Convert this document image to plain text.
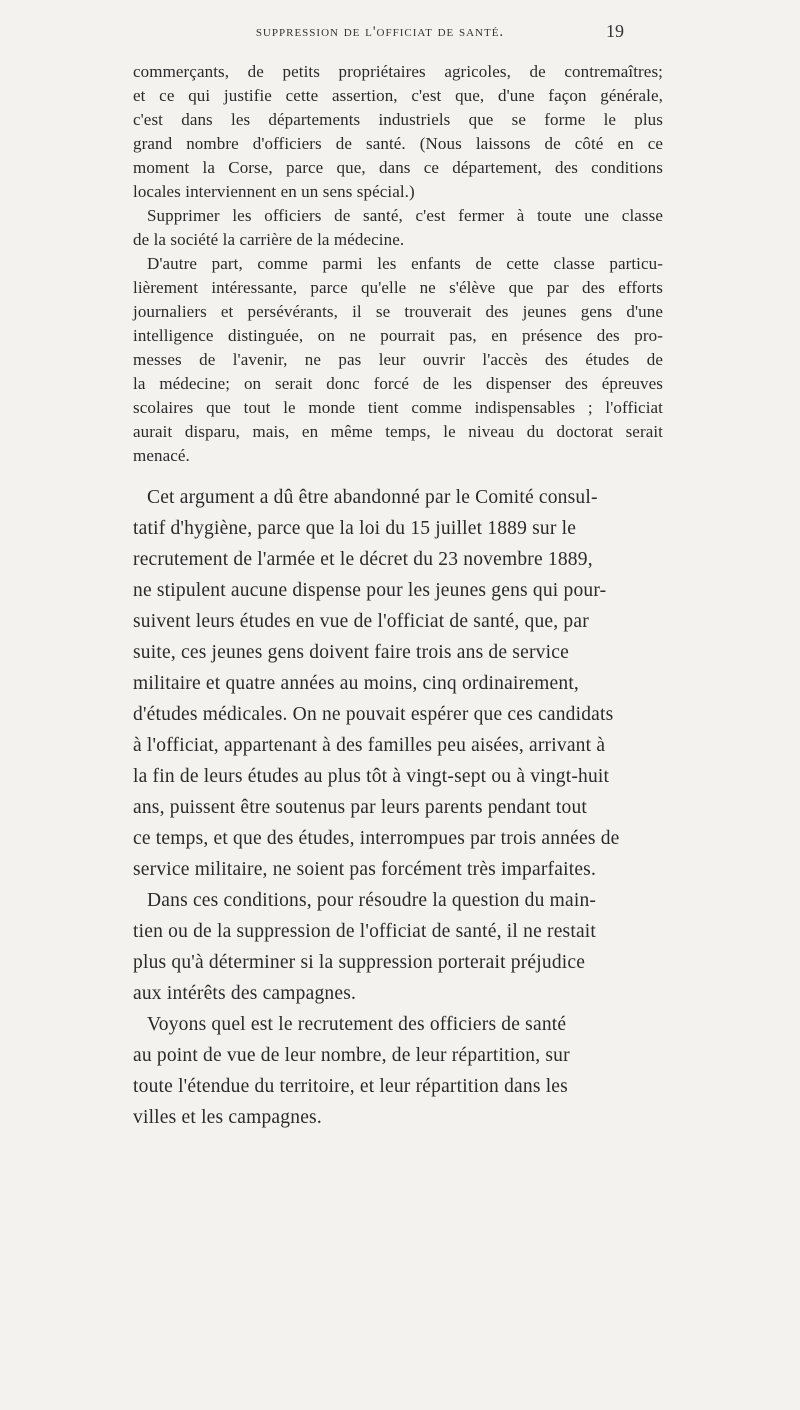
suppression de l'officiat de santé.	19
commerçants, de petits propriétaires agricoles, de contremaîtres;
et ce qui justifie cette assertion, c'est que, d'une façon générale,
c'est dans les départements industriels que se forme le plus
grand nombre d'officiers de santé. (Nous laissons de côté en ce
moment la Corse, parce que, dans ce département, des conditions
locales interviennent en un sens spécial.)
Supprimer les officiers de santé, c'est fermer à toute une classe
de la société la carrière de la médecine.
D'autre part, comme parmi les enfants de cette classe particu-
lièrement intéressante, parce qu'elle ne s'élève que par des efforts
journaliers et persévérants, il se trouverait des jeunes gens d'une
intelligence distinguée, on ne pourrait pas, en présence des pro-
messes de l'avenir, ne pas leur ouvrir l'accès des études de
la médecine; on serait donc forcé de les dispenser des épreuves
scolaires que tout le monde tient comme indispensables ; l'officiat
aurait disparu, mais, en même temps, le niveau du doctorat serait
menacé.
Cet argument a dû être abandonné par le Comité consul-
tatif d'hygiène, parce que la loi du 15 juillet 1889 sur le
recrutement de l'armée et le décret du 23 novembre 1889,
ne stipulent aucune dispense pour les jeunes gens qui pour-
suivent leurs études en vue de l'officiat de santé, que, par
suite, ces jeunes gens doivent faire trois ans de service
militaire et quatre années au moins, cinq ordinairement,
d'études médicales. On ne pouvait espérer que ces candidats
à l'officiat, appartenant à des familles peu aisées, arrivant à
la fin de leurs études au plus tôt à vingt-sept ou à vingt-huit
ans, puissent être soutenus par leurs parents pendant tout
ce temps, et que des études, interrompues par trois années de
service militaire, ne soient pas forcément très imparfaites.
Dans ces conditions, pour résoudre la question du main-
tien ou de la suppression de l'officiat de santé, il ne restait
plus qu'à déterminer si la suppression porterait préjudice
aux intérêts des campagnes.
Voyons quel est le recrutement des officiers de santé
au point de vue de leur nombre, de leur répartition, sur
toute l'étendue du territoire, et leur répartition dans les
villes et les campagnes.
